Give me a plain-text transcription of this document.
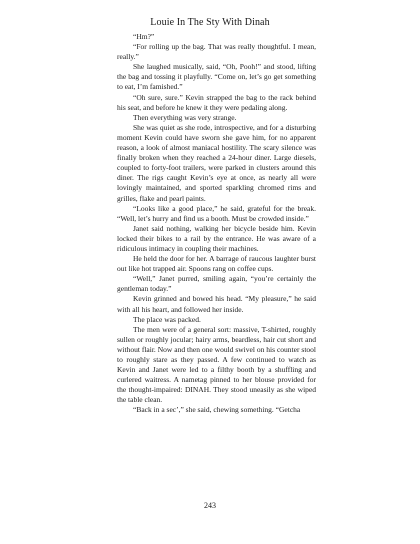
Louie In The Sty With Dinah

“Hm?”

“For rolling up the bag. That was really thoughtful. I mean, really.”

She laughed musically, said, “Oh, Pooh!” and stood, lifting the bag and tossing it playfully. “Come on, let’s go get something to eat, I’m famished.”

“Oh sure, sure.” Kevin strapped the bag to the rack behind his seat, and before he knew it they were pedaling along.

Then everything was very strange.

She was quiet as she rode, introspective, and for a disturbing moment Kevin could have sworn she gave him, for no apparent reason, a look of almost maniacal hostility. The scary silence was finally broken when they reached a 24-hour diner. Large diesels, coupled to forty-foot trailers, were parked in clusters around this diner. The rigs caught Kevin’s eye at once, as nearly all were lovingly maintained, and sported sparkling chromed rims and grilles, flake and pearl paints.

“Looks like a good place,” he said, grateful for the break. “Well, let’s hurry and find us a booth. Must be crowded inside.”

Janet said nothing, walking her bicycle beside him. Kevin locked their bikes to a rail by the entrance. He was aware of a ridiculous intimacy in coupling their machines.

He held the door for her. A barrage of raucous laughter burst out like hot trapped air. Spoons rang on coffee cups.

“Well,” Janet purred, smiling again, “you’re certainly the gentleman today.”

Kevin grinned and bowed his head. “My pleasure,” he said with all his heart, and followed her inside.

The place was packed.

The men were of a general sort: massive, T-shirted, roughly sullen or roughly jocular; hairy arms, beardless, hair cut short and without flair. Now and then one would swivel on his counter stool to roughly stare as they passed. A few continued to watch as Kevin and Janet were led to a filthy booth by a shuffling and curlered waitress. A nametag pinned to her blouse provided for the thought-impaired: DINAH. They stood uneasily as she wiped the table clean.

“Back in a sec’,” she said, chewing something. “Getcha

243
